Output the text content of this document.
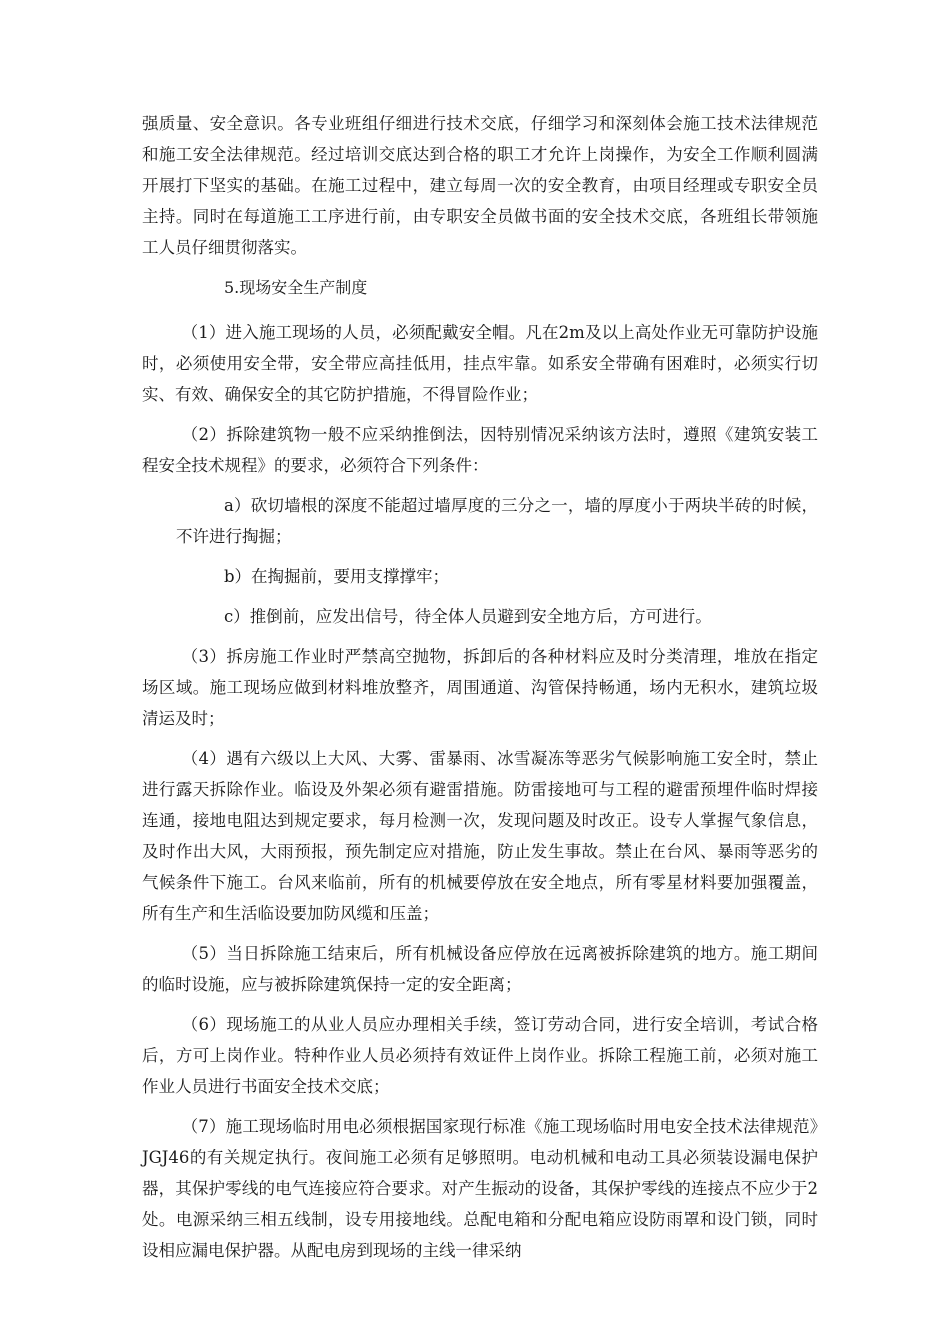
强质量、安全意识。各专业班组仔细进行技术交底，仔细学习和深刻体会施工技术法律规范和施工安全法律规范。经过培训交底达到合格的职工才允许上岗操作，为安全工作顺利圆满开展打下坚实的基础。在施工过程中，建立每周一次的安全教育，由项目经理或专职安全员主持。同时在每道施工工序进行前，由专职安全员做书面的安全技术交底，各班组长带领施工人员仔细贯彻落实。

5.现场安全生产制度

（1）进入施工现场的人员，必须配戴安全帽。凡在2m及以上高处作业无可靠防护设施时，必须使用安全带，安全带应高挂低用，挂点牢靠。如系安全带确有困难时，必须实行切实、有效、确保安全的其它防护措施，不得冒险作业；

（2）拆除建筑物一般不应采纳推倒法，因特别情况采纳该方法时，遵照《建筑安装工程安全技术规程》的要求，必须符合下列条件：

a）砍切墙根的深度不能超过墙厚度的三分之一，墙的厚度小于两块半砖的时候，不许进行掏掘；

b）在掏掘前，要用支撑撑牢；

c）推倒前，应发出信号，待全体人员避到安全地方后，方可进行。

（3）拆房施工作业时严禁高空抛物，拆卸后的各种材料应及时分类清理，堆放在指定场区域。施工现场应做到材料堆放整齐，周围通道、沟管保持畅通，场内无积水，建筑垃圾清运及时；

（4）遇有六级以上大风、大雾、雷暴雨、冰雪凝冻等恶劣气候影响施工安全时，禁止进行露天拆除作业。临设及外架必须有避雷措施。防雷接地可与工程的避雷预埋件临时焊接连通，接地电阻达到规定要求，每月检测一次，发现问题及时改正。设专人掌握气象信息，及时作出大风，大雨预报，预先制定应对措施，防止发生事故。禁止在台风、暴雨等恶劣的气候条件下施工。台风来临前，所有的机械要停放在安全地点，所有零星材料要加强覆盖，所有生产和生活临设要加防风缆和压盖；

（5）当日拆除施工结束后，所有机械设备应停放在远离被拆除建筑的地方。施工期间的临时设施，应与被拆除建筑保持一定的安全距离；

（6）现场施工的从业人员应办理相关手续，签订劳动合同，进行安全培训，考试合格后，方可上岗作业。特种作业人员必须持有效证件上岗作业。拆除工程施工前，必须对施工作业人员进行书面安全技术交底；

（7）施工现场临时用电必须根据国家现行标准《施工现场临时用电安全技术法律规范》JGJ46的有关规定执行。夜间施工必须有足够照明。电动机械和电动工具必须装设漏电保护器，其保护零线的电气连接应符合要求。对产生振动的设备，其保护零线的连接点不应少于2处。电源采纳三相五线制，设专用接地线。总配电箱和分配电箱应设防雨罩和设门锁，同时设相应漏电保护器。从配电房到现场的主线一律采纳
